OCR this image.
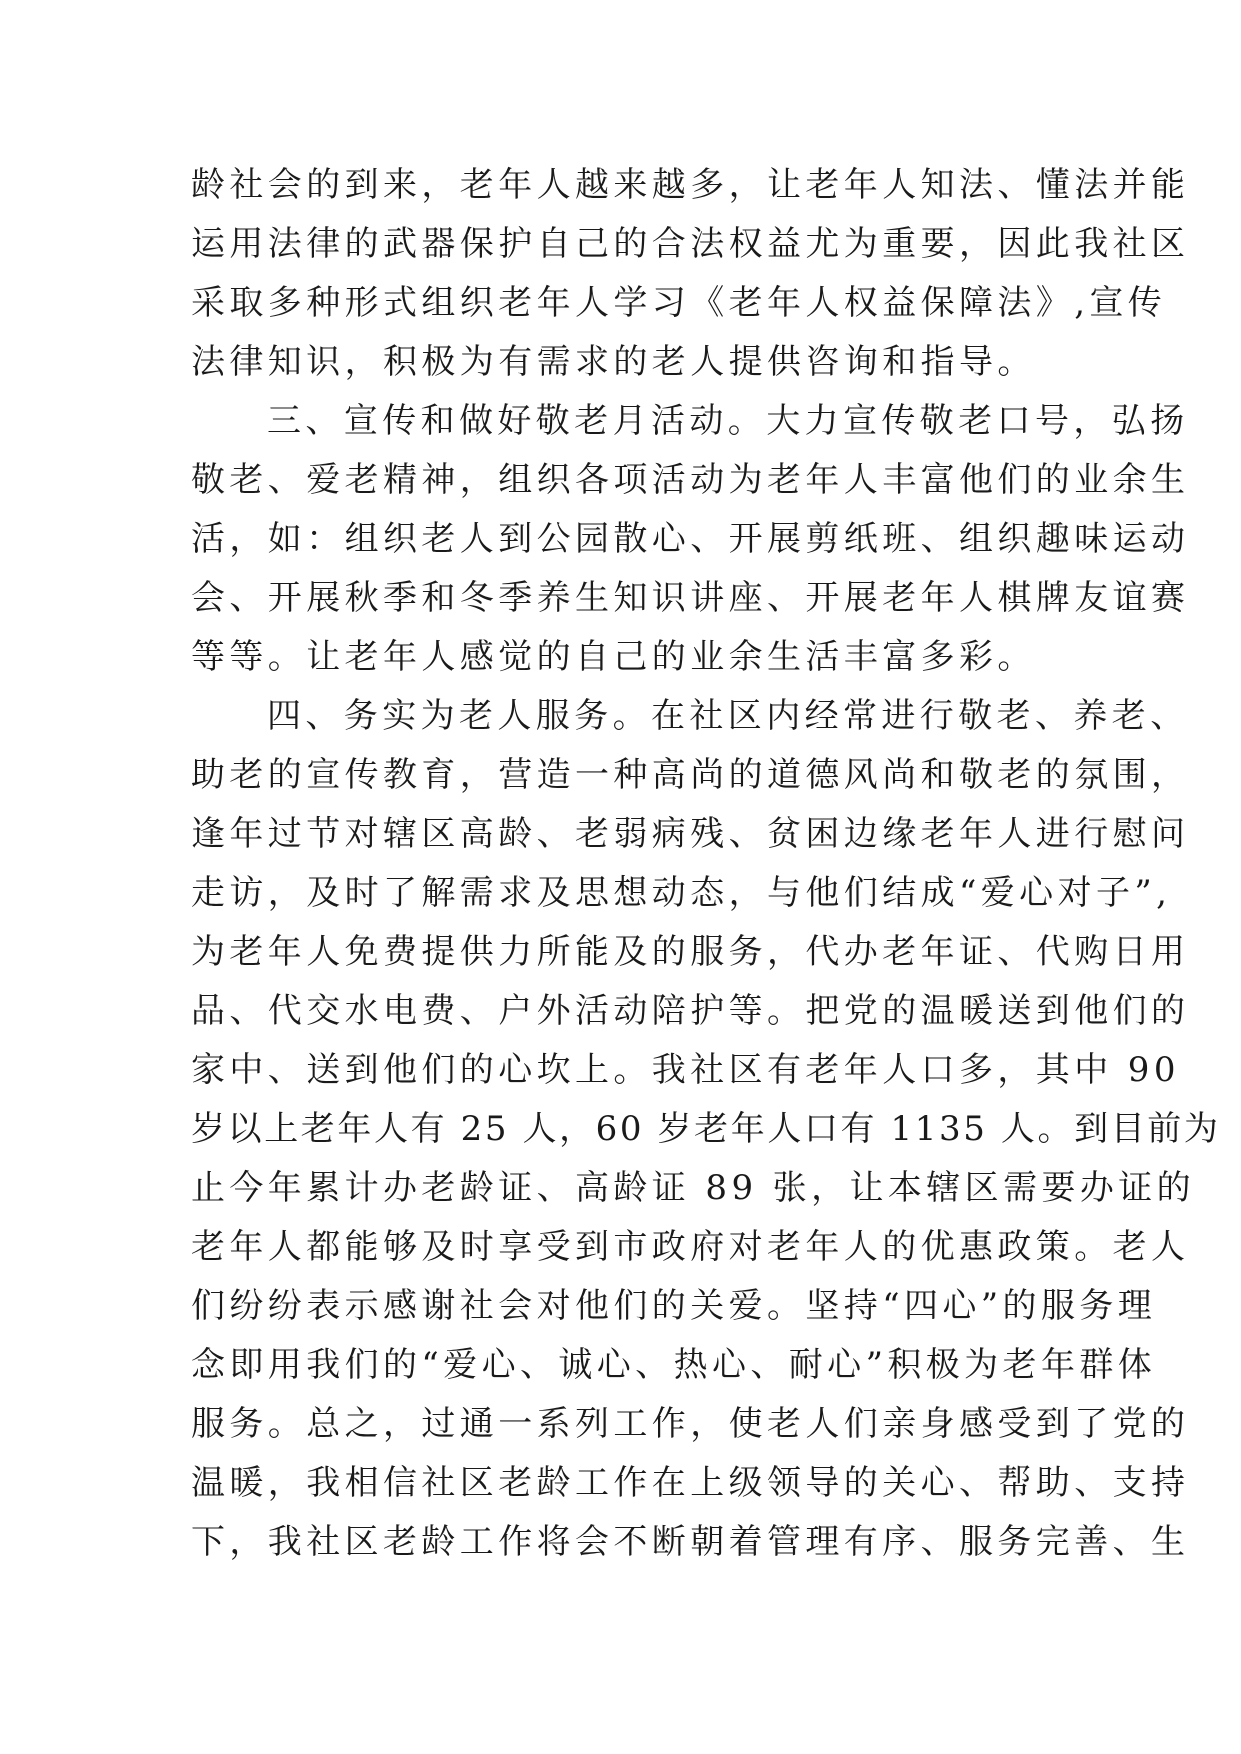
龄社会的到来，老年人越来越多，让老年人知法、懂法并能
运用法律的武器保护自己的合法权益尤为重要，因此我社区
采取多种形式组织老年人学习《老年人权益保障法》,宣传
法律知识，积极为有需求的老人提供咨询和指导。
三、宣传和做好敬老月活动。大力宣传敬老口号，弘扬
敬老、爱老精神，组织各项活动为老年人丰富他们的业余生
活，如：组织老人到公园散心、开展剪纸班、组织趣味运动
会、开展秋季和冬季养生知识讲座、开展老年人棋牌友谊赛
等等。让老年人感觉的自己的业余生活丰富多彩。
四、务实为老人服务。在社区内经常进行敬老、养老、
助老的宣传教育，营造一种高尚的道德风尚和敬老的氛围，
逢年过节对辖区高龄、老弱病残、贫困边缘老年人进行慰问
走访，及时了解需求及思想动态，与他们结成“爱心对子”,
为老年人免费提供力所能及的服务，代办老年证、代购日用
品、代交水电费、户外活动陪护等。把党的温暖送到他们的
家中、送到他们的心坎上。我社区有老年人口多，其中 90
岁以上老年人有 25 人，60 岁老年人口有 1135 人。到目前为
止今年累计办老龄证、高龄证 89 张，让本辖区需要办证的
老年人都能够及时享受到市政府对老年人的优惠政策。老人
们纷纷表示感谢社会对他们的关爱。坚持“四心”的服务理
念即用我们的“爱心、诚心、热心、耐心”积极为老年群体
服务。总之，过通一系列工作，使老人们亲身感受到了党的
温暖，我相信社区老龄工作在上级领导的关心、帮助、支持
下，我社区老龄工作将会不断朝着管理有序、服务完善、生
